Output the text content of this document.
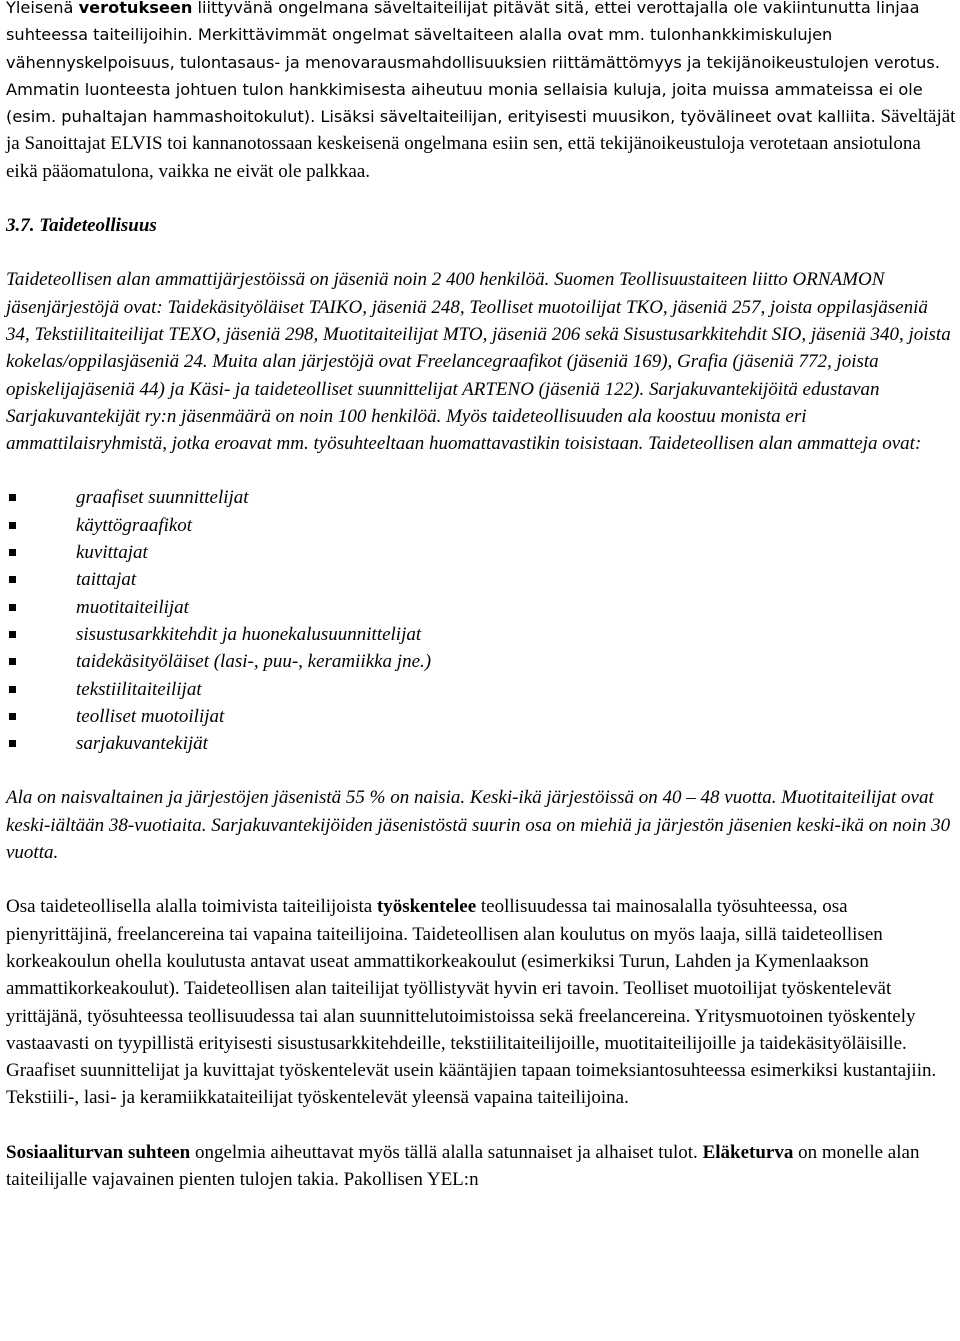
Yleisenä verotukseen liittyvänä ongelmana säveltaiteilijat pitävät sitä, ettei verottajalla ole vakiintunutta linjaa suhteessa taiteilijoihin. Merkittävimmät ongelmat säveltaiteen alalla ovat mm. tulonhankkimiskulujen vähennyskelpoisuus, tulontasaus- ja menovarausmahdollisuuksien riittämättömyys ja tekijänoikeustulojen verotus. Ammatin luonteesta johtuen tulon hankkimisesta aiheutuu monia sellaisia kuluja, joita muissa ammateissa ei ole (esim. puhaltajan hammashoitokulut). Lisäksi säveltaiteilijan, erityisesti muusikon, työvälineet ovat kalliita. Säveltäjät ja Sanoittajat ELVIS toi kannanotossaan keskeisenä ongelmana esiin sen, että tekijänoikeustuloja verotetaan ansiotulona eikä pääomatulona, vaikka ne eivät ole palkkaa.

3.7. Taideteollisuus

Taideteollisen alan ammattijärjestöissä on jäseniä noin 2 400 henkilöä. Suomen Teollisuustaiteen liitto ORNAMON jäsenjärjestöjä ovat: Taidekäsityöläiset TAIKO, jäseniä 248, Teolliset muotoilijat TKO, jäseniä 257, joista oppilasjäseniä 34, Tekstiilitaiteilijat TEXO, jäseniä 298, Muotitaiteilijat MTO, jäseniä 206 sekä Sisustusarkkitehdit SIO, jäseniä 340, joista kokelas/oppilasjäseniä 24. Muita alan järjestöjä ovat Freelancegraafikot (jäseniä 169), Grafia (jäseniä 772, joista opiskelijajäseniä 44) ja Käsi- ja taideteolliset suunnittelijat ARTENO (jäseniä 122). Sarjakuvantekijöitä edustavan Sarjakuvantekijät ry:n jäsenmäärä on noin 100 henkilöä. Myös taideteollisuuden ala koostuu monista eri ammattilaisryhmistä, jotka eroavat mm. työsuhteeltaan huomattavastikin toisistaan. Taideteollisen alan ammatteja ovat:

graafiset suunnittelijat
käyttögraafikot
kuvittajat
taittajat
muotitaiteilijat
sisustusarkkitehdit ja huonekalusuunnittelijat
taidekäsityöläiset (lasi-, puu-, keramiikka jne.)
tekstiilitaiteilijat
teolliset muotoilijat
sarjakuvantekijät

Ala on naisvaltainen ja järjestöjen jäsenistä 55 % on naisia. Keski-ikä järjestöissä on 40 – 48 vuotta. Muotitaiteilijat ovat keski-iältään 38-vuotiaita. Sarjakuvantekijöiden jäsenistöstä suurin osa on miehiä ja järjestön jäsenien keski-ikä on noin 30 vuotta.

Osa taideteollisella alalla toimivista taiteilijoista työskentelee teollisuudessa tai mainosalalla työsuhteessa, osa pienyrittäjinä, freelancereina tai vapaina taiteilijoina. Taideteollisen alan koulutus on myös laaja, sillä taideteollisen korkeakoulun ohella koulutusta antavat useat ammattikorkeakoulut (esimerkiksi Turun, Lahden ja Kymenlaakson ammattikorkeakoulut). Taideteollisen alan taiteilijat työllistyvät hyvin eri tavoin. Teolliset muotoilijat työskentelevät yrittäjänä, työsuhteessa teollisuudessa tai alan suunnittelutoimistoissa sekä freelancereina. Yritysmuotoinen työskentely vastaavasti on tyypillistä erityisesti sisustusarkkitehdeille, tekstiilitaiteilijoille, muotitaiteilijoille ja taidekäsityöläisille. Graafiset suunnittelijat ja kuvittajat työskentelevät usein kääntäjien tapaan toimeksiantosuhteessa esimerkiksi kustantajiin. Tekstiili-, lasi- ja keramiikkataiteilijat työskentelevät yleensä vapaina taiteilijoina.

Sosiaaliturvan suhteen ongelmia aiheuttavat myös tällä alalla satunnaiset ja alhaiset tulot. Eläketurva on monelle alan taiteilijalle vajavainen pienten tulojen takia. Pakollisen YEL:n
